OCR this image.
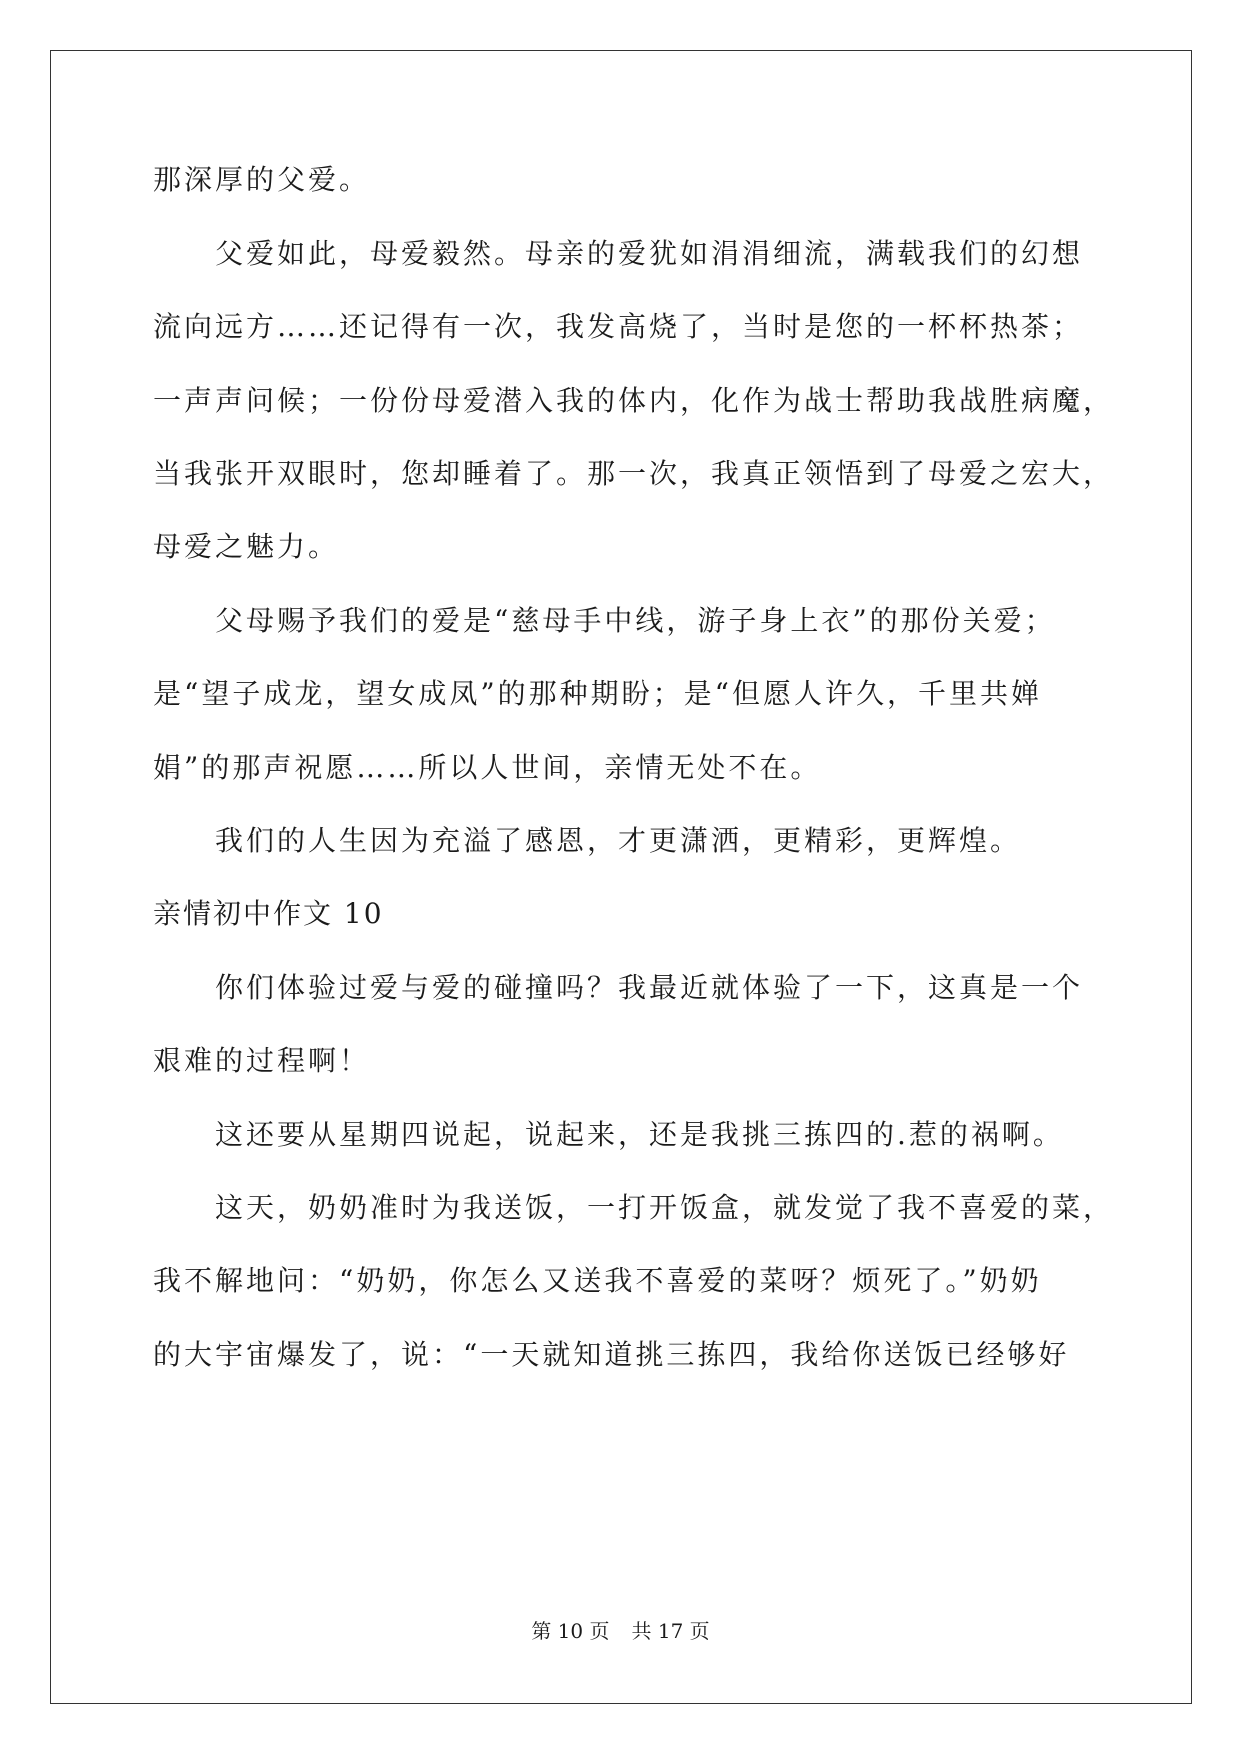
那深厚的父爱。
父爱如此，母爱毅然。母亲的爱犹如涓涓细流，满载我们的幻想
流向远方……还记得有一次，我发高烧了，当时是您的一杯杯热茶；
一声声问候；一份份母爱潜入我的体内，化作为战士帮助我战胜病魔，
当我张开双眼时，您却睡着了。那一次，我真正领悟到了母爱之宏大，
母爱之魅力。
父母赐予我们的爱是“慈母手中线，游子身上衣”的那份关爱；
是“望子成龙，望女成凤”的那种期盼；是“但愿人许久，千里共婵
娟”的那声祝愿……所以人世间，亲情无处不在。
我们的人生因为充溢了感恩，才更潇洒，更精彩，更辉煌。
亲情初中作文 10
你们体验过爱与爱的碰撞吗？我最近就体验了一下，这真是一个
艰难的过程啊！
这还要从星期四说起，说起来，还是我挑三拣四的.惹的祸啊。
这天，奶奶准时为我送饭，一打开饭盒，就发觉了我不喜爱的菜，
我不解地问：“奶奶，你怎么又送我不喜爱的菜呀？烦死了。”奶奶
的大宇宙爆发了，说：“一天就知道挑三拣四，我给你送饭已经够好
第 10 页 共 17 页
